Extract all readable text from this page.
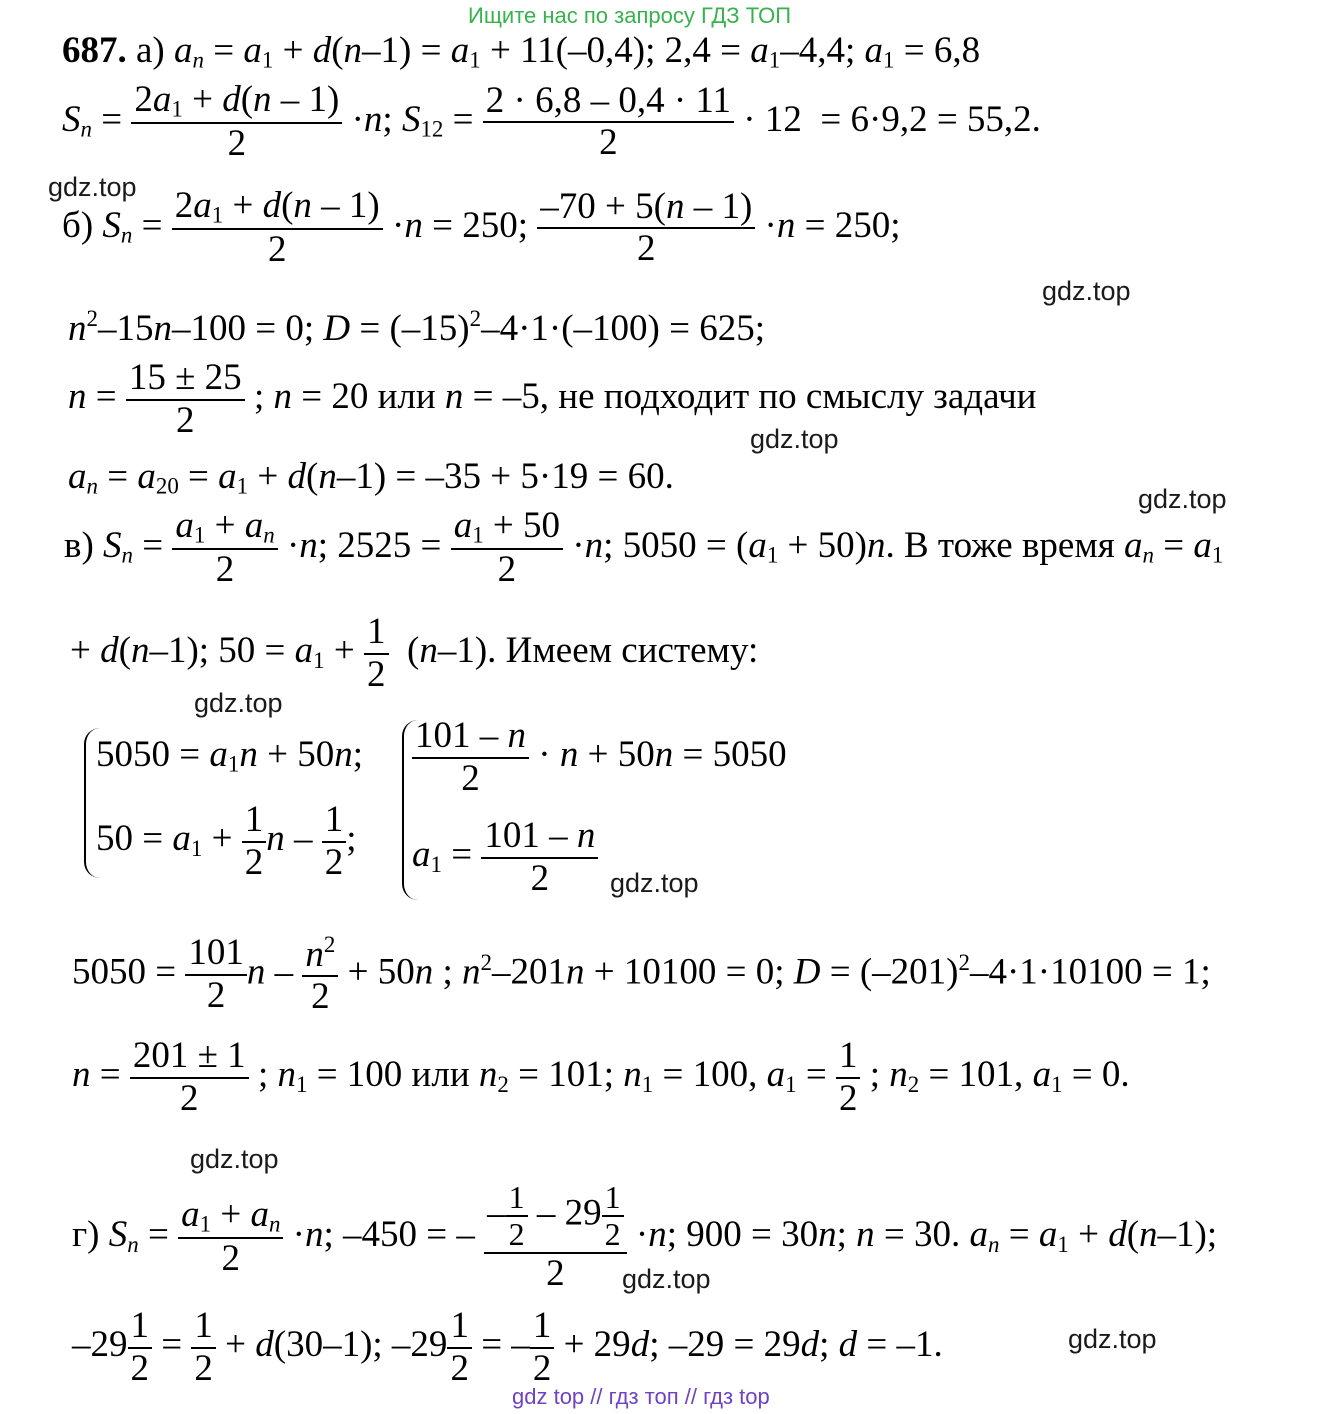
Ищите нас по запросу ГДЗ ТОП
gdz.top
gdz.top
gdz.top
gdz.top
gdz.top
gdz.top
gdz.top
gdz.top
gdz.top
687. а) $a_n = a_1 + d(n-1) = a_1 + 11(-0,4)$; $2,4 = a_1-4,4$; $a_1 = 6,8$
$S_n = \frac{2a_1 + d(n - 1)}{2} \cdot n$; $S_{12} = \frac{2 \cdot 6,8 - 0,4 \cdot 11}{2} \cdot 12 = 6\cdot 9,2 = 55,2$.
б) $S_n = \frac{2a_1 + d(n - 1)}{2} \cdot n = 250$; $\frac{-70 + 5(n - 1)}{2} \cdot n = 250$;
$n^2-15n-100 = 0$; $D = (-15)^2-4\cdot 1\cdot(-100) = 625$;
$n = \frac{15 \pm 25}{2}$ ; n = 20 или n = –5, не подходит по смыслу задачи
$a_n = a_{20} = a_1 + d(n-1) = -35 + 5\cdot 19 = 60$.
в) $S_n = \frac{a_1 + a_n}{2} \cdot n$; $2525 = \frac{a_1 + 50}{2} \cdot n$; $5050 = (a_1 + 50)n$. В тоже время $a_n = a_1$
+ d(n–1); $50 = a_1 + \frac{1}{2} (n-1)$. Имеем систему:
$5050 = a_1n + 50n$;
$50 = a_1 + \frac{1}{2}$ n – $\frac{1}{2}$ ;
$\frac{101 - n}{2} \cdot n + 50n = 5050$
$a_1 = \frac{101 - n}{2}$
$5050 = \frac{101}{2}$ $n - \frac{n^2}{2} + 50n$ ; $n^2-201n + 10100 = 0$; $D = (-201)^2-4\cdot 1\cdot 10100 = 1$;
$n = \frac{201 \pm 1}{2}$ ; $n_1 = 100$ или $n_2 = 101$; $n_1 = 100$, $a_1 = \frac{1}{2}$ ; $n_2 = 101$, $a_1 = 0$.
г) $S_n = \frac{a_1 + a_n}{2} \cdot n$; –450 = – $\frac{- \frac{1}{2} - 29 \frac{1}{2}}{2} \cdot n$; 900 = 30n; n = 30. $a_n = a_1 + d(n-1)$;
$-29 \frac{1}{2} = \frac{1}{2} + d(30-1)$; $-29 \frac{1}{2}$ = – $\frac{1}{2} + 29d$; –29 = 29d; d = –1.
gdz top // гдз топ // гдз top
